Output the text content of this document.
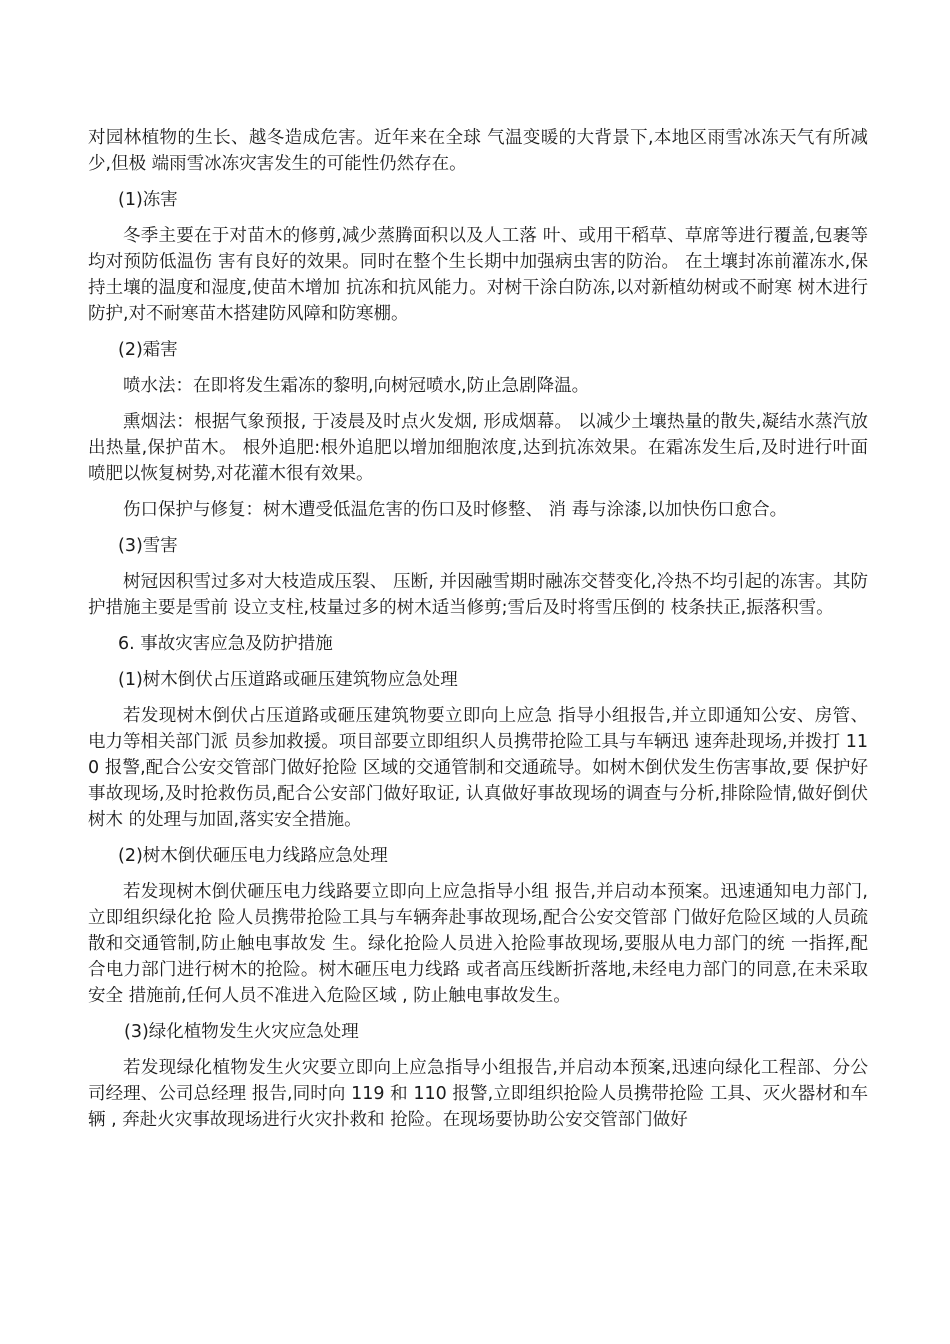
对园林植物的生长、越冬造成危害。近年来在全球 气温变暖的大背景下,本地区雨雪冰冻天气有所减少,但极 端雨雪冰冻灾害发生的可能性仍然存在。

(1)冻害

冬季主要在于对苗木的修剪,减少蒸腾面积以及人工落 叶、或用干稻草、草席等进行覆盖,包裹等均对预防低温伤 害有良好的效果。同时在整个生长期中加强病虫害的防治。 在土壤封冻前灌冻水,保持土壤的温度和湿度,使苗木增加 抗冻和抗风能力。对树干涂白防冻,以对新植幼树或不耐寒 树木进行防护,对不耐寒苗木搭建防风障和防寒棚。

(2)霜害

喷水法：在即将发生霜冻的黎明,向树冠喷水,防止急剧降温。

熏烟法：根据气象预报, 于凌晨及时点火发烟, 形成烟幕。 以减少土壤热量的散失,凝结水蒸汽放出热量,保护苗木。 根外追肥:根外追肥以增加细胞浓度,达到抗冻效果。在霜冻发生后,及时进行叶面喷肥以恢复树势,对花灌木很有效果。

伤口保护与修复：树木遭受低温危害的伤口及时修整、 消 毒与涂漆,以加快伤口愈合。

(3)雪害

树冠因积雪过多对大枝造成压裂、 压断, 并因融雪期时融冻交替变化,冷热不均引起的冻害。其防护措施主要是雪前 设立支柱,枝量过多的树木适当修剪;雪后及时将雪压倒的 枝条扶正,振落积雪。

6. 事故灾害应急及防护措施

(1)树木倒伏占压道路或砸压建筑物应急处理

若发现树木倒伏占压道路或砸压建筑物要立即向上应急 指导小组报告,并立即通知公安、房管、电力等相关部门派 员参加救援。项目部要立即组织人员携带抢险工具与车辆迅 速奔赴现场,并拨打 110 报警,配合公安交管部门做好抢险 区域的交通管制和交通疏导。如树木倒伏发生伤害事故,要 保护好事故现场,及时抢救伤员,配合公安部门做好取证, 认真做好事故现场的调查与分析,排除险情,做好倒伏树木 的处理与加固,落实安全措施。

(2)树木倒伏砸压电力线路应急处理

若发现树木倒伏砸压电力线路要立即向上应急指导小组 报告,并启动本预案。迅速通知电力部门,立即组织绿化抢 险人员携带抢险工具与车辆奔赴事故现场,配合公安交管部 门做好危险区域的人员疏散和交通管制,防止触电事故发 生。绿化抢险人员进入抢险事故现场,要服从电力部门的统 一指挥,配合电力部门进行树木的抢险。树木砸压电力线路 或者高压线断折落地,未经电力部门的同意,在未采取安全 措施前,任何人员不准进入危险区域 , 防止触电事故发生。

(3)绿化植物发生火灾应急处理

若发现绿化植物发生火灾要立即向上应急指导小组报告,并启动本预案,迅速向绿化工程部、分公司经理、公司总经理 报告,同时向 119 和 110 报警,立即组织抢险人员携带抢险 工具、灭火器材和车辆 , 奔赴火灾事故现场进行火灾扑救和 抢险。在现场要协助公安交管部门做好
